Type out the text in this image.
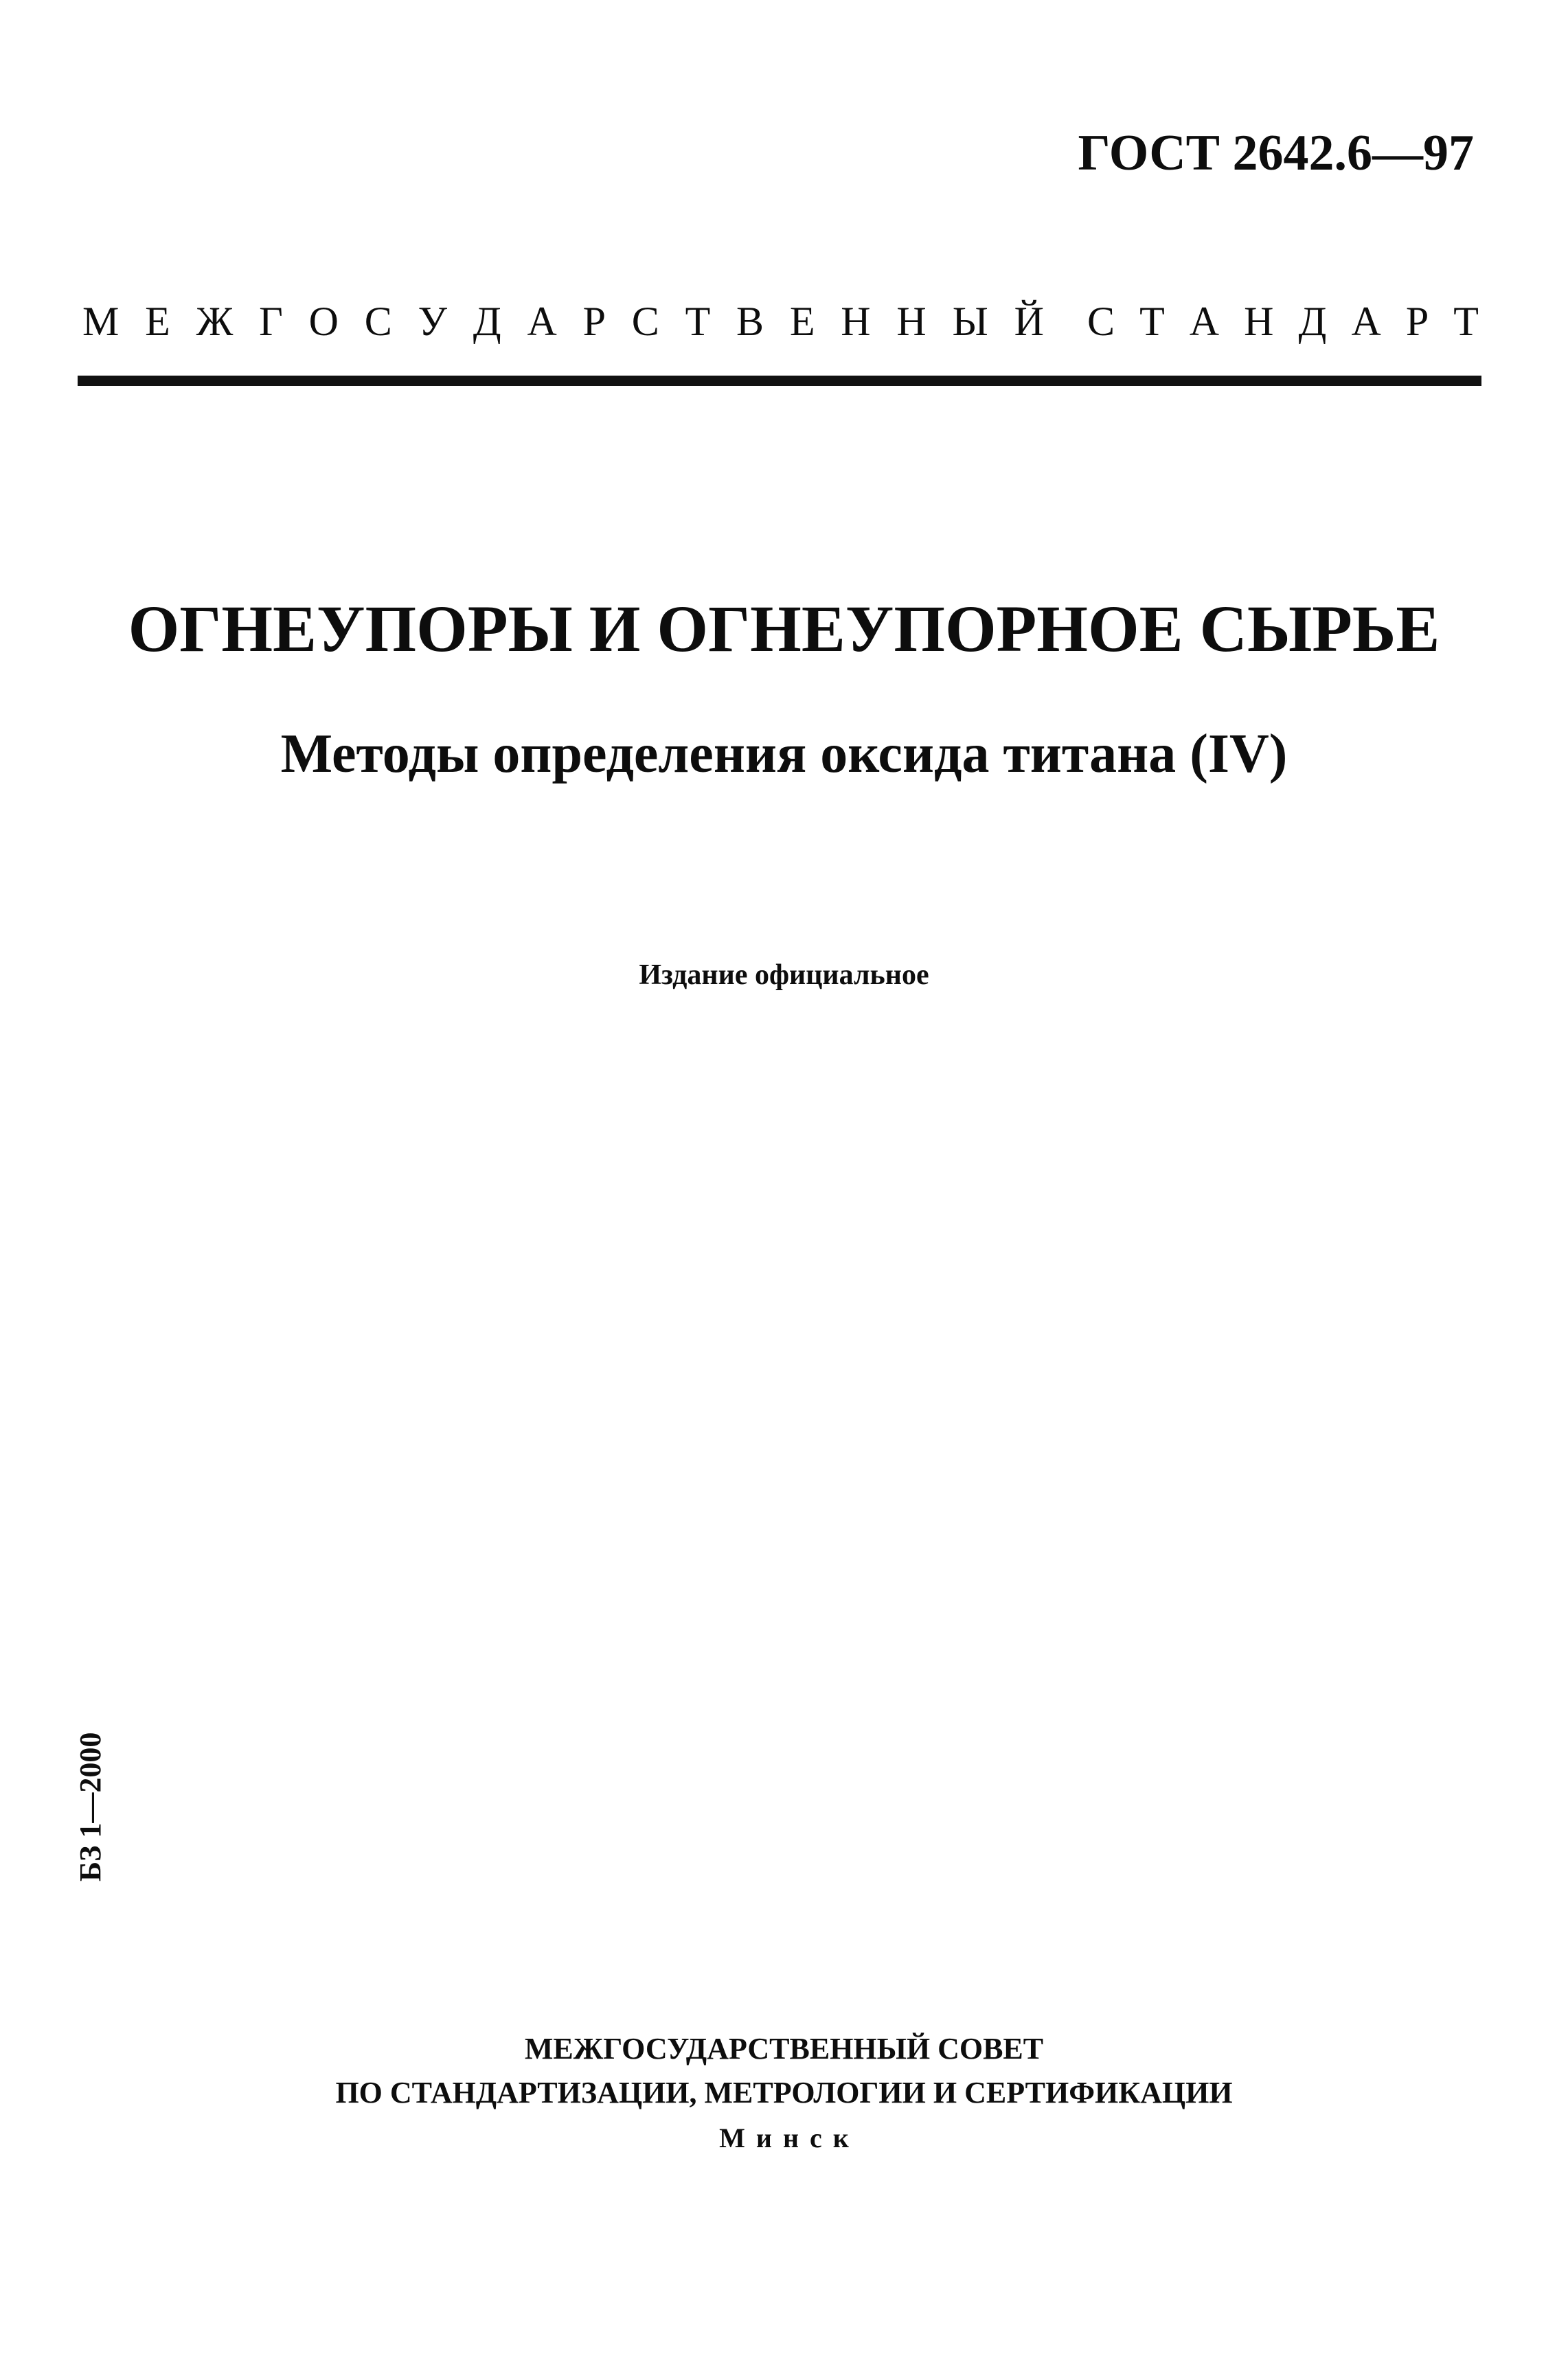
ГОСТ 2642.6—97
М Е Ж Г О С У Д А Р С Т В Е Н Н Ы Й С Т А Н Д А Р Т
ОГНЕУПОРЫ И ОГНЕУПОРНОЕ СЫРЬЕ
Методы определения оксида титана (IV)
Издание официальное
БЗ 1—2000
МЕЖГОСУДАРСТВЕННЫЙ СОВЕТ
ПО СТАНДАРТИЗАЦИИ, МЕТРОЛОГИИ И СЕРТИФИКАЦИИ
Минск
